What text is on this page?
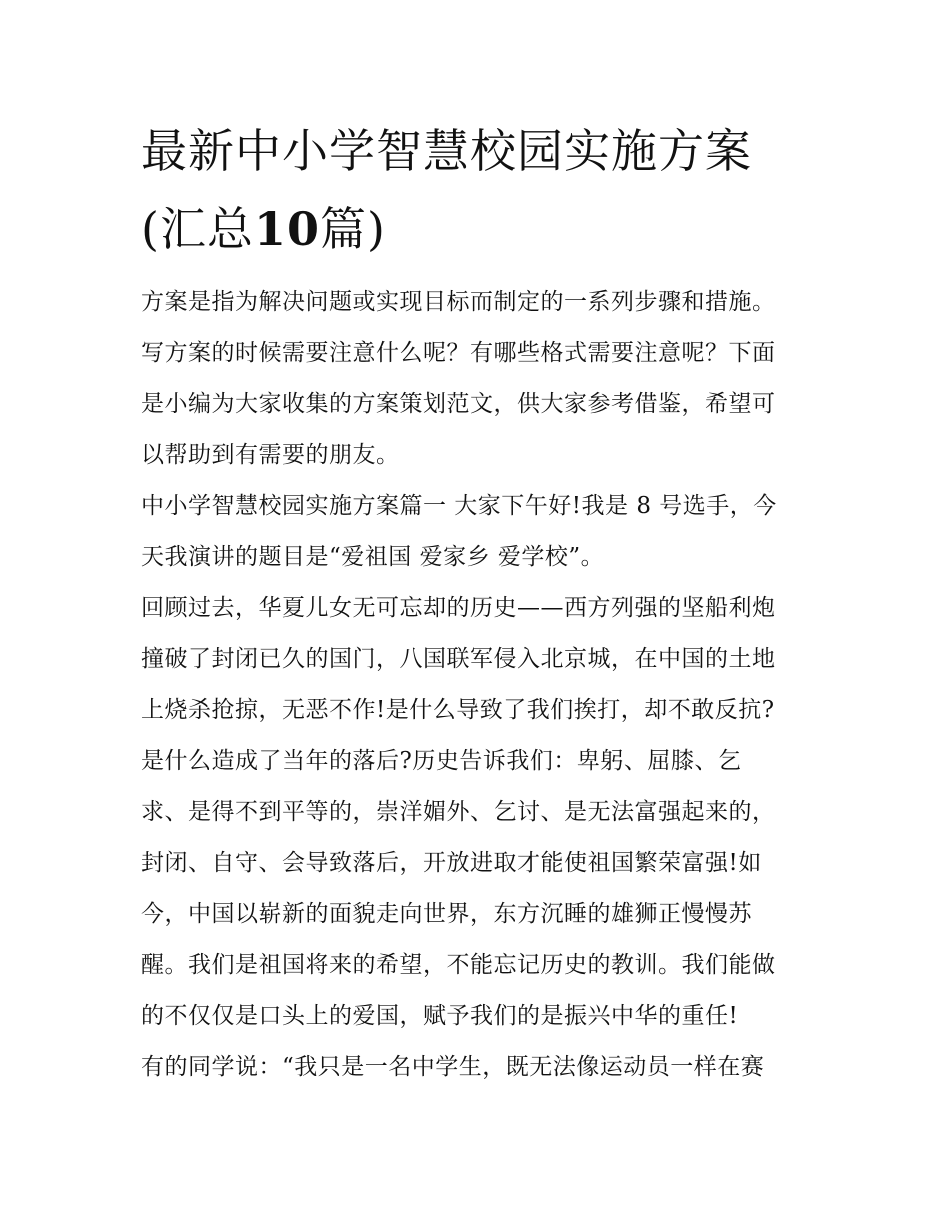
最新中小学智慧校园实施方案
(汇总10篇)
方案是指为解决问题或实现目标而制定的一系列步骤和措施。
写方案的时候需要注意什么呢？有哪些格式需要注意呢？下面
是小编为大家收集的方案策划范文，供大家参考借鉴，希望可
以帮助到有需要的朋友。
中小学智慧校园实施方案篇一 大家下午好!我是 8 号选手，今
天我演讲的题目是“爱祖国 爱家乡 爱学校”。
回顾过去，华夏儿女无可忘却的历史——西方列强的坚船利炮
撞破了封闭已久的国门，八国联军侵入北京城，在中国的土地
上烧杀抢掠，无恶不作!是什么导致了我们挨打，却不敢反抗?
是什么造成了当年的落后?历史告诉我们：卑躬、屈膝、乞
求、是得不到平等的，崇洋媚外、乞讨、是无法富强起来的，
封闭、自守、会导致落后，开放进取才能使祖国繁荣富强!如
今，中国以崭新的面貌走向世界，东方沉睡的雄狮正慢慢苏
醒。我们是祖国将来的希望，不能忘记历史的教训。我们能做
的不仅仅是口头上的爱国，赋予我们的是振兴中华的重任!
有的同学说：“我只是一名中学生，既无法像运动员一样在赛
